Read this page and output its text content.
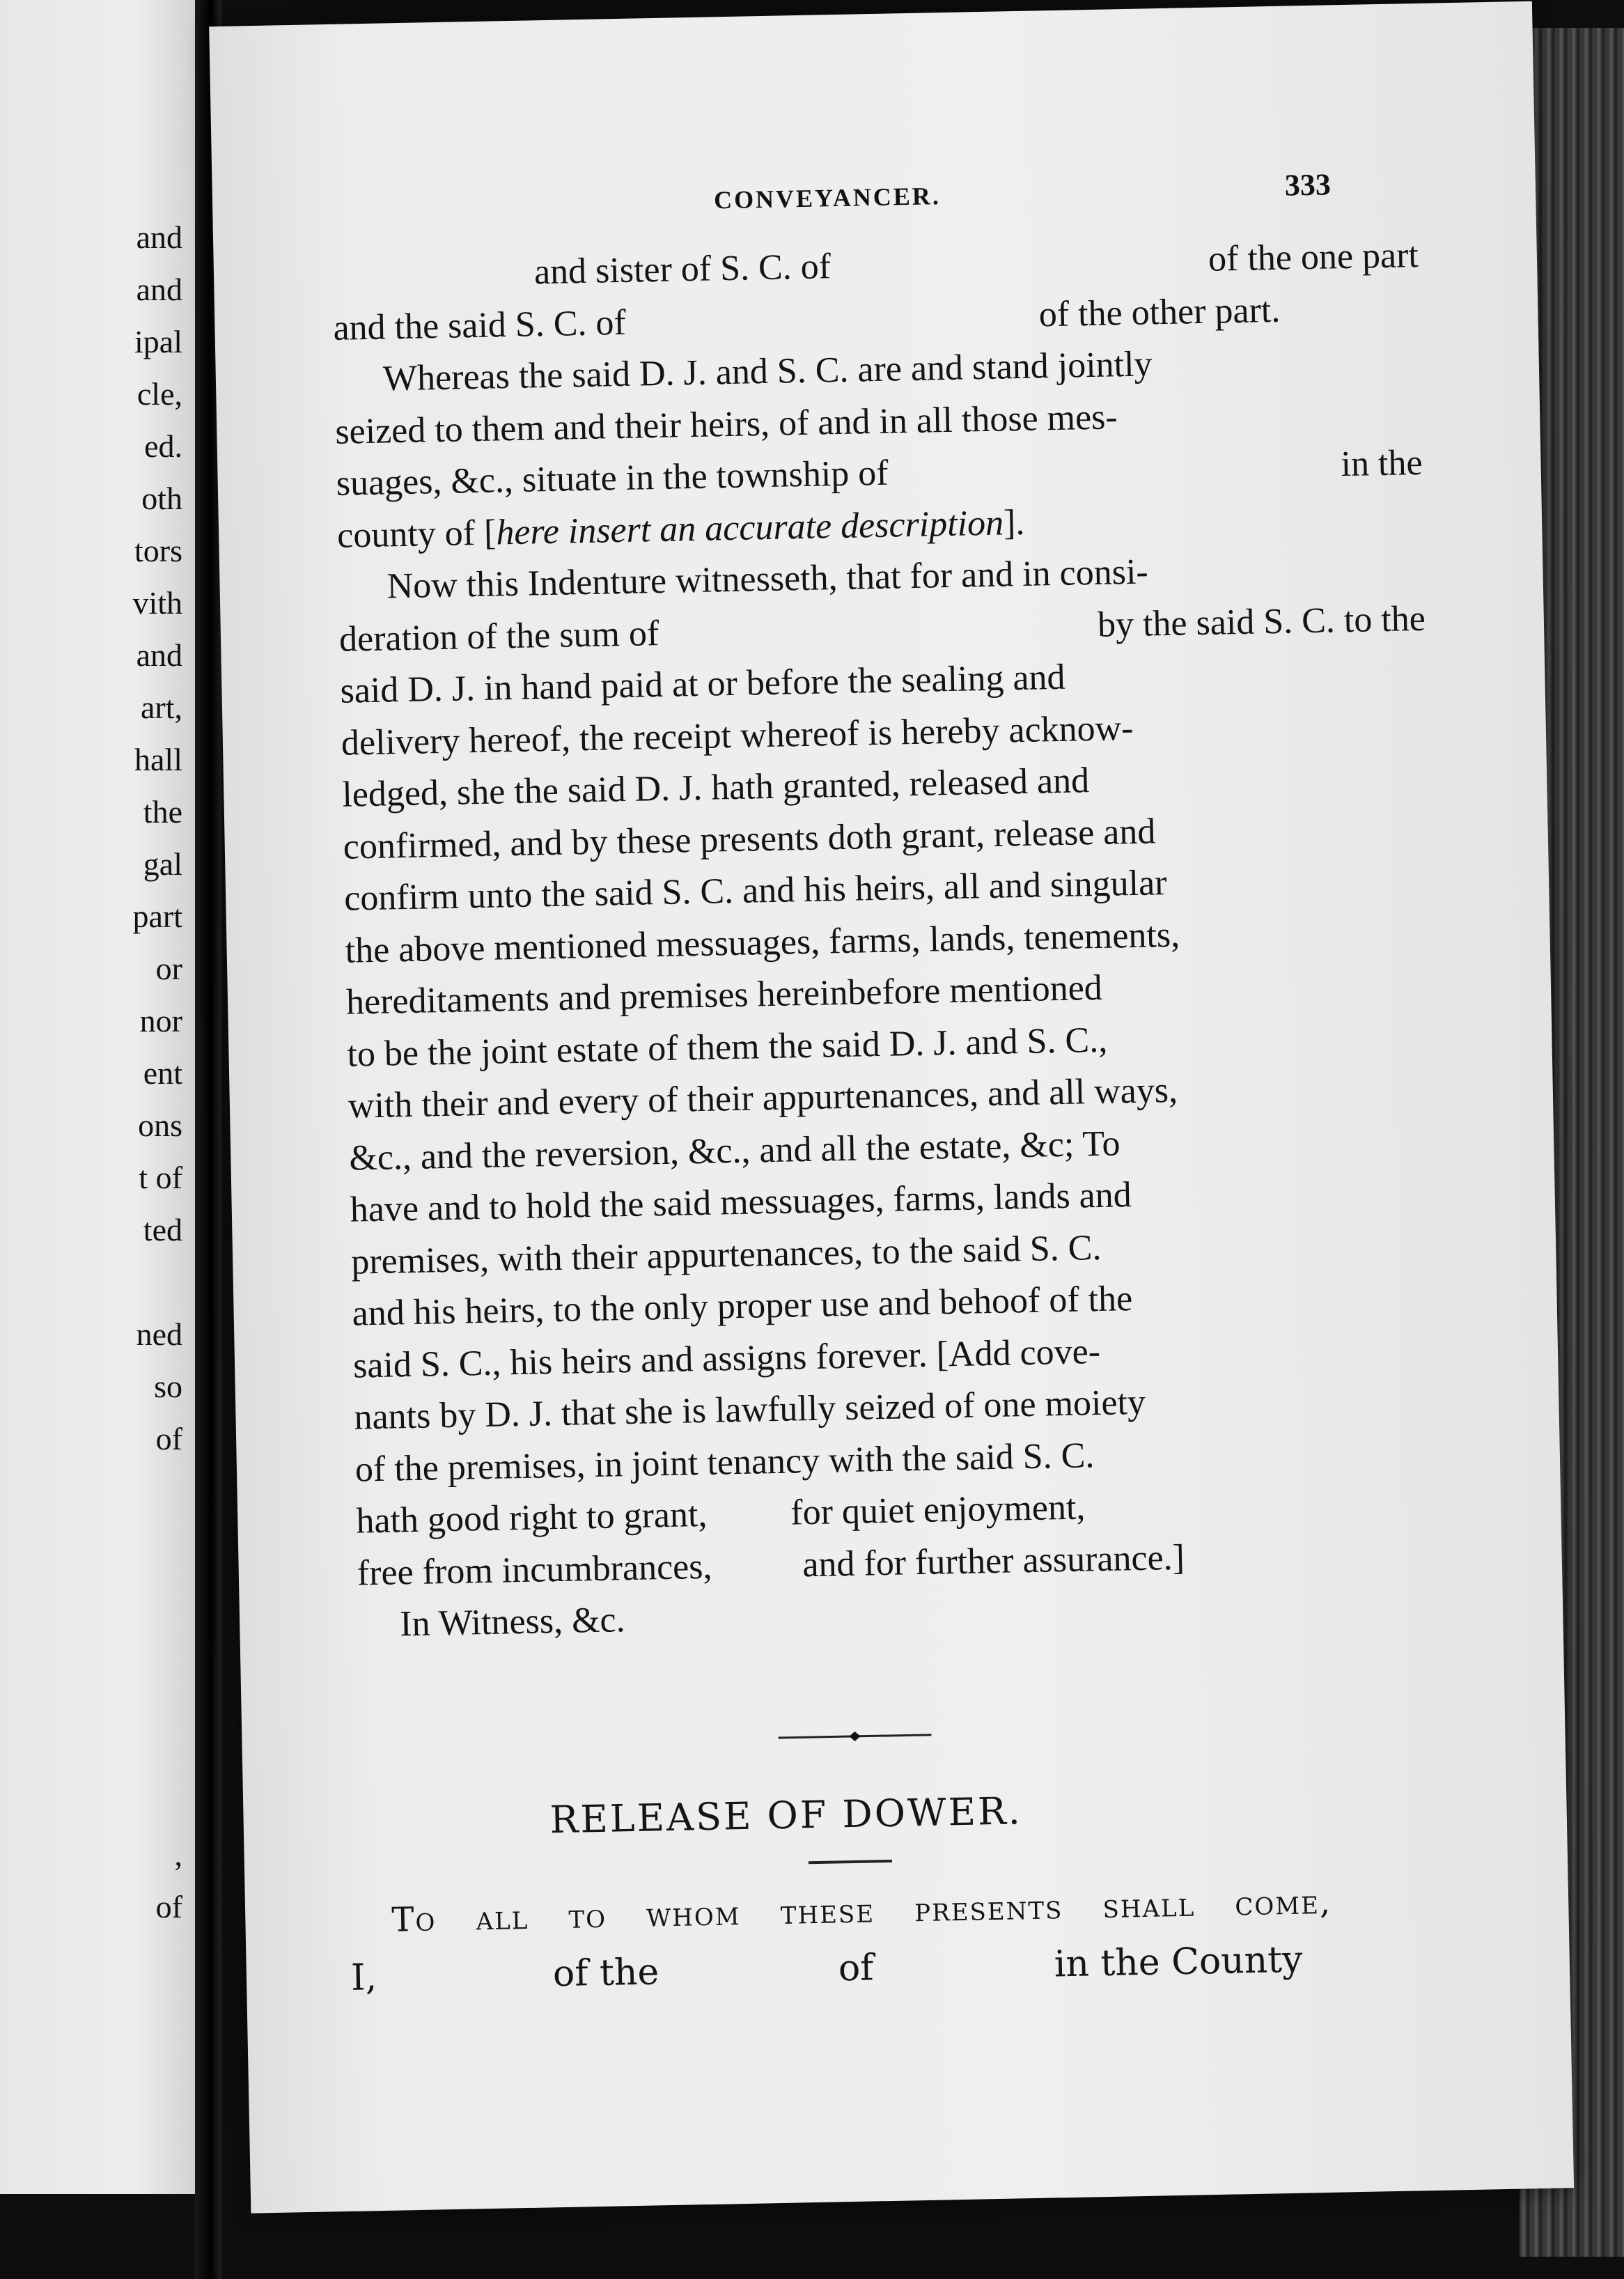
and
and
ipal
cle,
ed.
oth
tors
vith
and
art,
hall
the
gal
part
or
nor
ent
ons
t of
ted
ned
so
of
,
of
CONVEYANCER.	333
and sister of S. C. of	of the one part
and the said S. C. of	of the other part.
Whereas the said D. J. and S. C. are and stand jointly
seized to them and their heirs, of and in all those mes-
suages, &c., situate in the township of	in the
county of [here insert an accurate description].
Now this Indenture witnesseth, that for and in consi-
deration of the sum of	by the said S. C. to the
said D. J. in hand paid at or before the sealing and
delivery hereof, the receipt whereof is hereby acknow-
ledged, she the said D. J. hath granted, released and
confirmed, and by these presents doth grant, release and
confirm unto the said S. C. and his heirs, all and singular
the above mentioned messuages, farms, lands, tenements,
hereditaments and premises hereinbefore mentioned
to be the joint estate of them the said D. J. and S. C.,
with their and every of their appurtenances, and all ways,
&c., and the reversion, &c., and all the estate, &c; To
have and to hold the said messuages, farms, lands and
premises, with their appurtenances, to the said S. C.
and his heirs, to the only proper use and behoof of the
said S. C., his heirs and assigns forever. [Add cove-
nants by D. J. that she is lawfully seized of one moiety
of the premises, in joint tenancy with the said S. C.
hath good right to grant, for quiet enjoyment,
free from incumbrances, and for further assurance.]
In Witness, &c.
RELEASE OF DOWER.
To all to whom these presents shall come,
I,	of the	of	in the County
